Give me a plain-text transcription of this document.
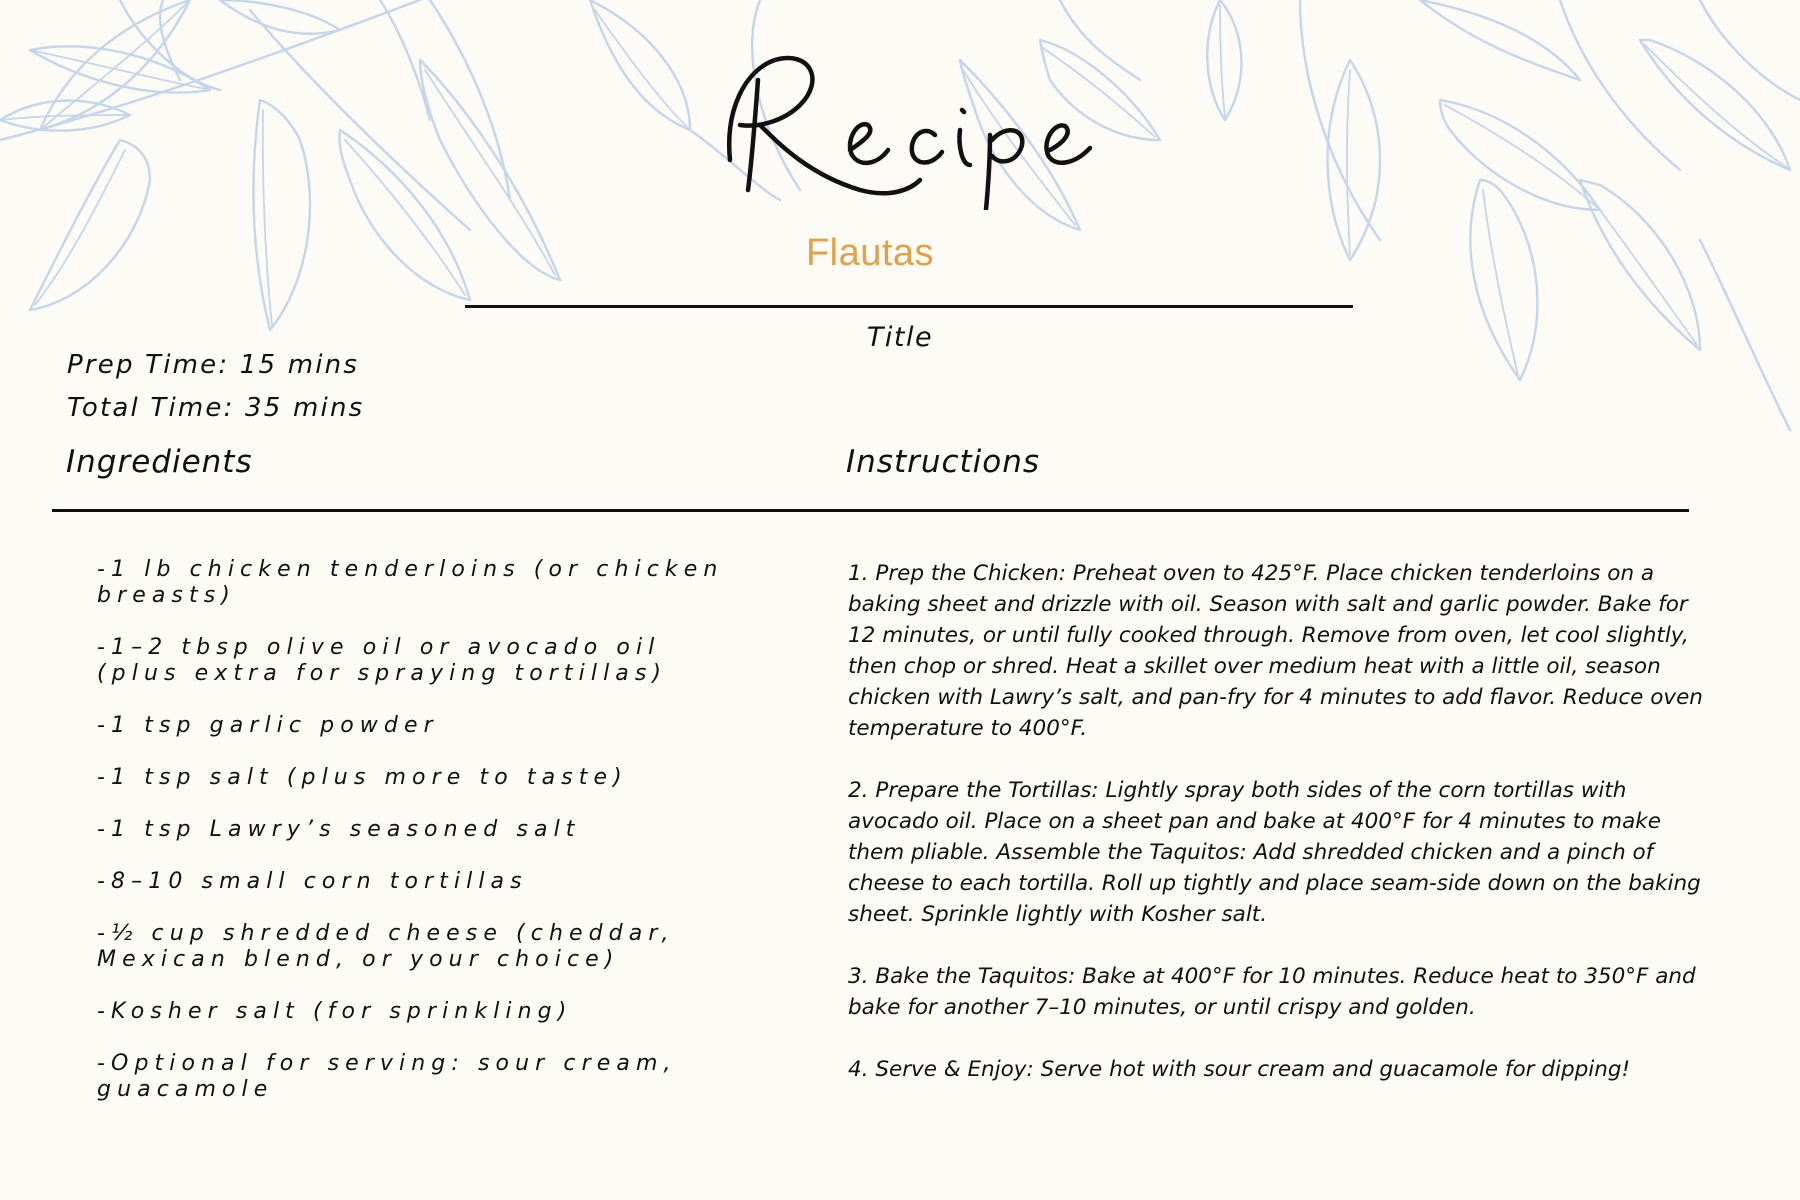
Flautas
Title
Prep Time: 15 mins
Total Time: 35 mins
Ingredients	Instructions
-1 lb chicken tenderloins (or chicken breasts)
-1–2 tbsp olive oil or avocado oil (plus extra for spraying tortillas)
-1 tsp garlic powder
-1 tsp salt (plus more to taste)
-1 tsp Lawry’s seasoned salt
-8–10 small corn tortillas
-½ cup shredded cheese (cheddar, Mexican blend, or your choice)
-Kosher salt (for sprinkling)
-Optional for serving: sour cream, guacamole
1. Prep the Chicken: Preheat oven to 425°F. Place chicken tenderloins on a baking sheet and drizzle with oil. Season with salt and garlic powder. Bake for 12 minutes, or until fully cooked through. Remove from oven, let cool slightly, then chop or shred. Heat a skillet over medium heat with a little oil, season chicken with Lawry’s salt, and pan-fry for 4 minutes to add flavor. Reduce oven temperature to 400°F.
2. Prepare the Tortillas: Lightly spray both sides of the corn tortillas with avocado oil. Place on a sheet pan and bake at 400°F for 4 minutes to make them pliable. Assemble the Taquitos: Add shredded chicken and a pinch of cheese to each tortilla. Roll up tightly and place seam-side down on the baking sheet. Sprinkle lightly with Kosher salt.
3. Bake the Taquitos: Bake at 400°F for 10 minutes. Reduce heat to 350°F and bake for another 7–10 minutes, or until crispy and golden.
4. Serve & Enjoy: Serve hot with sour cream and guacamole for dipping!
